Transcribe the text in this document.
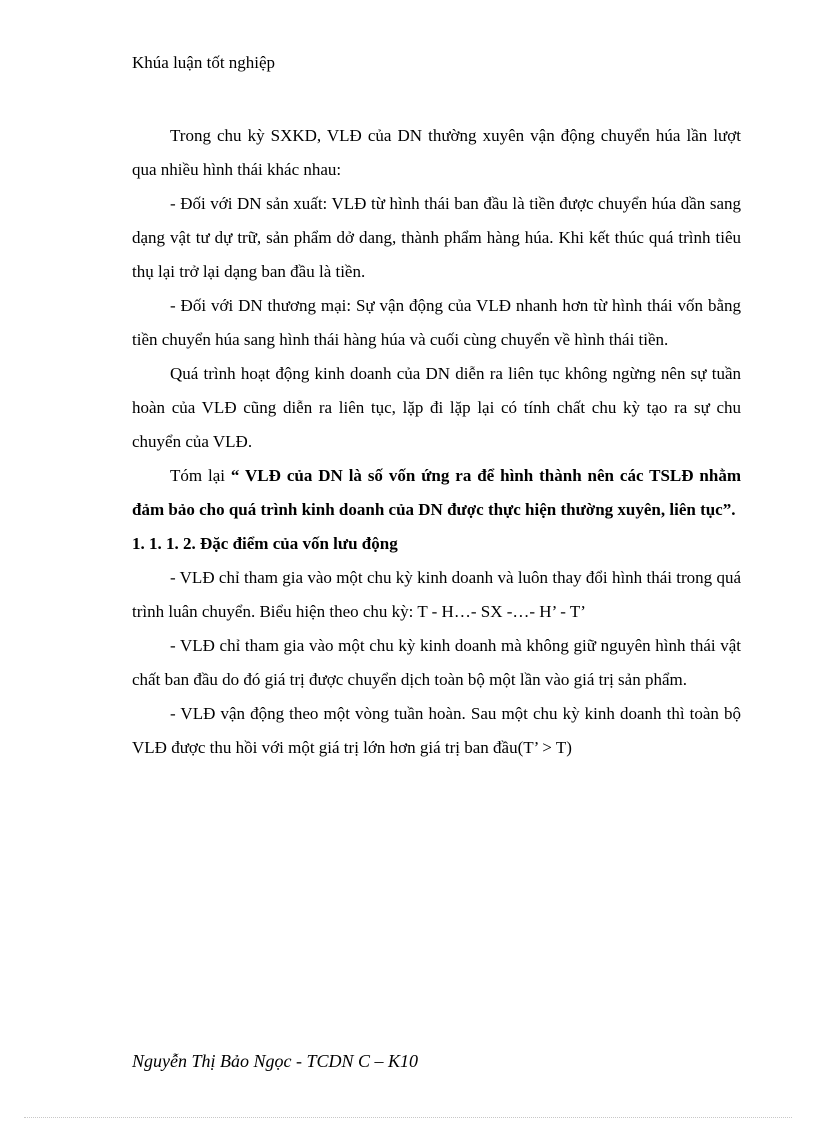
Khúa luận tốt nghiệp

Trong chu kỳ SXKD, VLĐ của DN thường xuyên vận động chuyển húa lần lượt qua nhiều hình thái khác nhau:

- Đối với DN sản xuất: VLĐ từ hình thái ban đầu là tiền được chuyển húa dần sang dạng vật tư dự trữ, sản phẩm dở dang, thành phẩm hàng húa. Khi kết thúc quá trình tiêu thụ lại trở lại dạng ban đầu là tiền.

- Đối với DN thương mại: Sự vận động của VLĐ nhanh hơn từ hình thái vốn bằng tiền chuyển húa sang hình thái hàng húa và cuối cùng chuyển về hình thái tiền.

Quá trình hoạt động kinh doanh của DN diễn ra liên tục không ngừng nên sự tuần hoàn của VLĐ cũng diễn ra liên tục, lặp đi lặp lại có tính chất chu kỳ tạo ra sự chu chuyển của VLĐ.

Tóm lại “ VLĐ của DN là số vốn ứng ra để hình thành nên các TSLĐ nhằm đảm bảo cho quá trình kinh doanh của DN được thực hiện thường xuyên, liên tục”.

1. 1. 1. 2. Đặc điểm của vốn lưu động

- VLĐ chỉ tham gia vào một chu kỳ kinh doanh và luôn thay đổi hình thái trong quá trình luân chuyển. Biểu hiện theo chu kỳ: T - H…- SX -…- H’ - T’

- VLĐ chỉ tham gia vào một chu kỳ kinh doanh mà không giữ nguyên hình thái vật chất ban đầu do đó giá trị được chuyển dịch toàn bộ một lần vào giá trị sản phẩm.

- VLĐ vận động theo một vòng tuần hoàn. Sau một chu kỳ kinh doanh thì toàn bộ VLĐ được thu hồi với một giá trị lớn hơn giá trị ban đầu(T’ > T)

Nguyễn Thị Bảo Ngọc - TCDN C – K10
